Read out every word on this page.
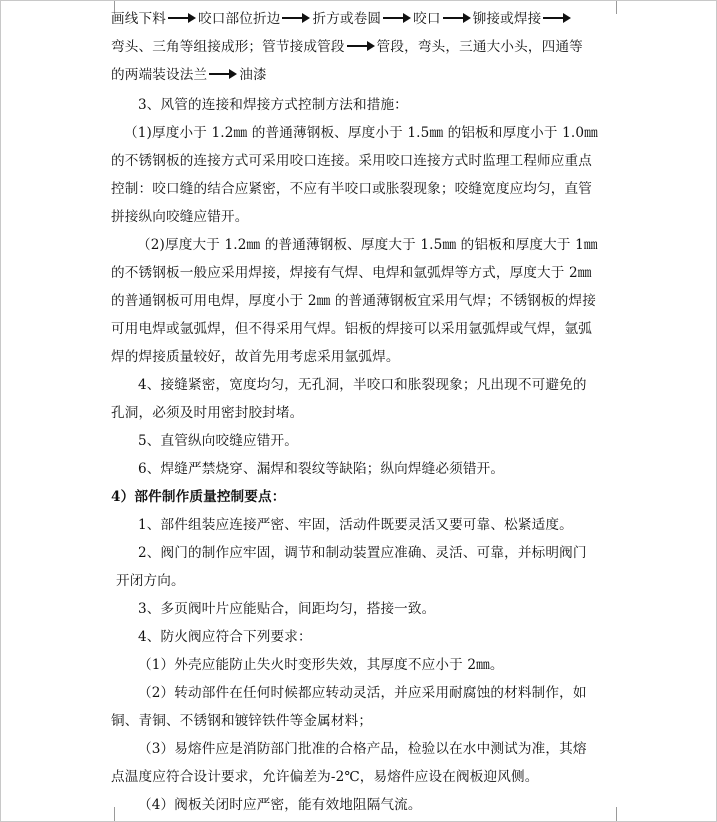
画线下料 咬口部位折边 折方或卷圆 咬口 铆接或焊接
弯头、三角等组接成形；管节接成管段 管段，弯头，三通大小头，四通等
的两端装设法兰 油漆
3、风管的连接和焊接方式控制方法和措施：
（1)厚度小于 1.2㎜ 的普通薄钢板、厚度小于 1.5㎜ 的铝板和厚度小于 1.0㎜
的不锈钢板的连接方式可采用咬口连接。采用咬口连接方式时监理工程师应重点
控制：咬口缝的结合应紧密，不应有半咬口或胀裂现象；咬缝宽度应均匀，直管
拼接纵向咬缝应错开。
（2)厚度大于 1.2㎜ 的普通薄钢板、厚度大于 1.5㎜ 的铝板和厚度大于 1㎜
的不锈钢板一般应采用焊接，焊接有气焊、电焊和氩弧焊等方式，厚度大于 2㎜
的普通钢板可用电焊，厚度小于 2㎜ 的普通薄钢板宜采用气焊；不锈钢板的焊接
可用电焊或氩弧焊，但不得采用气焊。铝板的焊接可以采用氩弧焊或气焊，氩弧
焊的焊接质量较好，故首先用考虑采用氩弧焊。
4、接缝紧密，宽度均匀，无孔洞，半咬口和胀裂现象；凡出现不可避免的
孔洞，必须及时用密封胶封堵。
5、直管纵向咬缝应错开。
6、焊缝严禁烧穿、漏焊和裂纹等缺陷；纵向焊缝必须错开。
4）部件制作质量控制要点：
1、部件组装应连接严密、牢固，活动件既要灵活又要可靠、松紧适度。
2、阀门的制作应牢固，调节和制动装置应准确、灵活、可靠，并标明阀门
开闭方向。
3、多页阀叶片应能贴合，间距均匀，搭接一致。
4、防火阀应符合下列要求：
（1）外壳应能防止失火时变形失效，其厚度不应小于 2㎜。
（2）转动部件在任何时候都应转动灵活，并应采用耐腐蚀的材料制作，如
铜、青铜、不锈钢和镀锌铁件等金属材料；
（3）易熔件应是消防部门批准的合格产品，检验以在水中测试为准，其熔
点温度应符合设计要求，允许偏差为-2℃，易熔件应设在阀板迎风侧。
（4）阀板关闭时应严密，能有效地阻隔气流。
